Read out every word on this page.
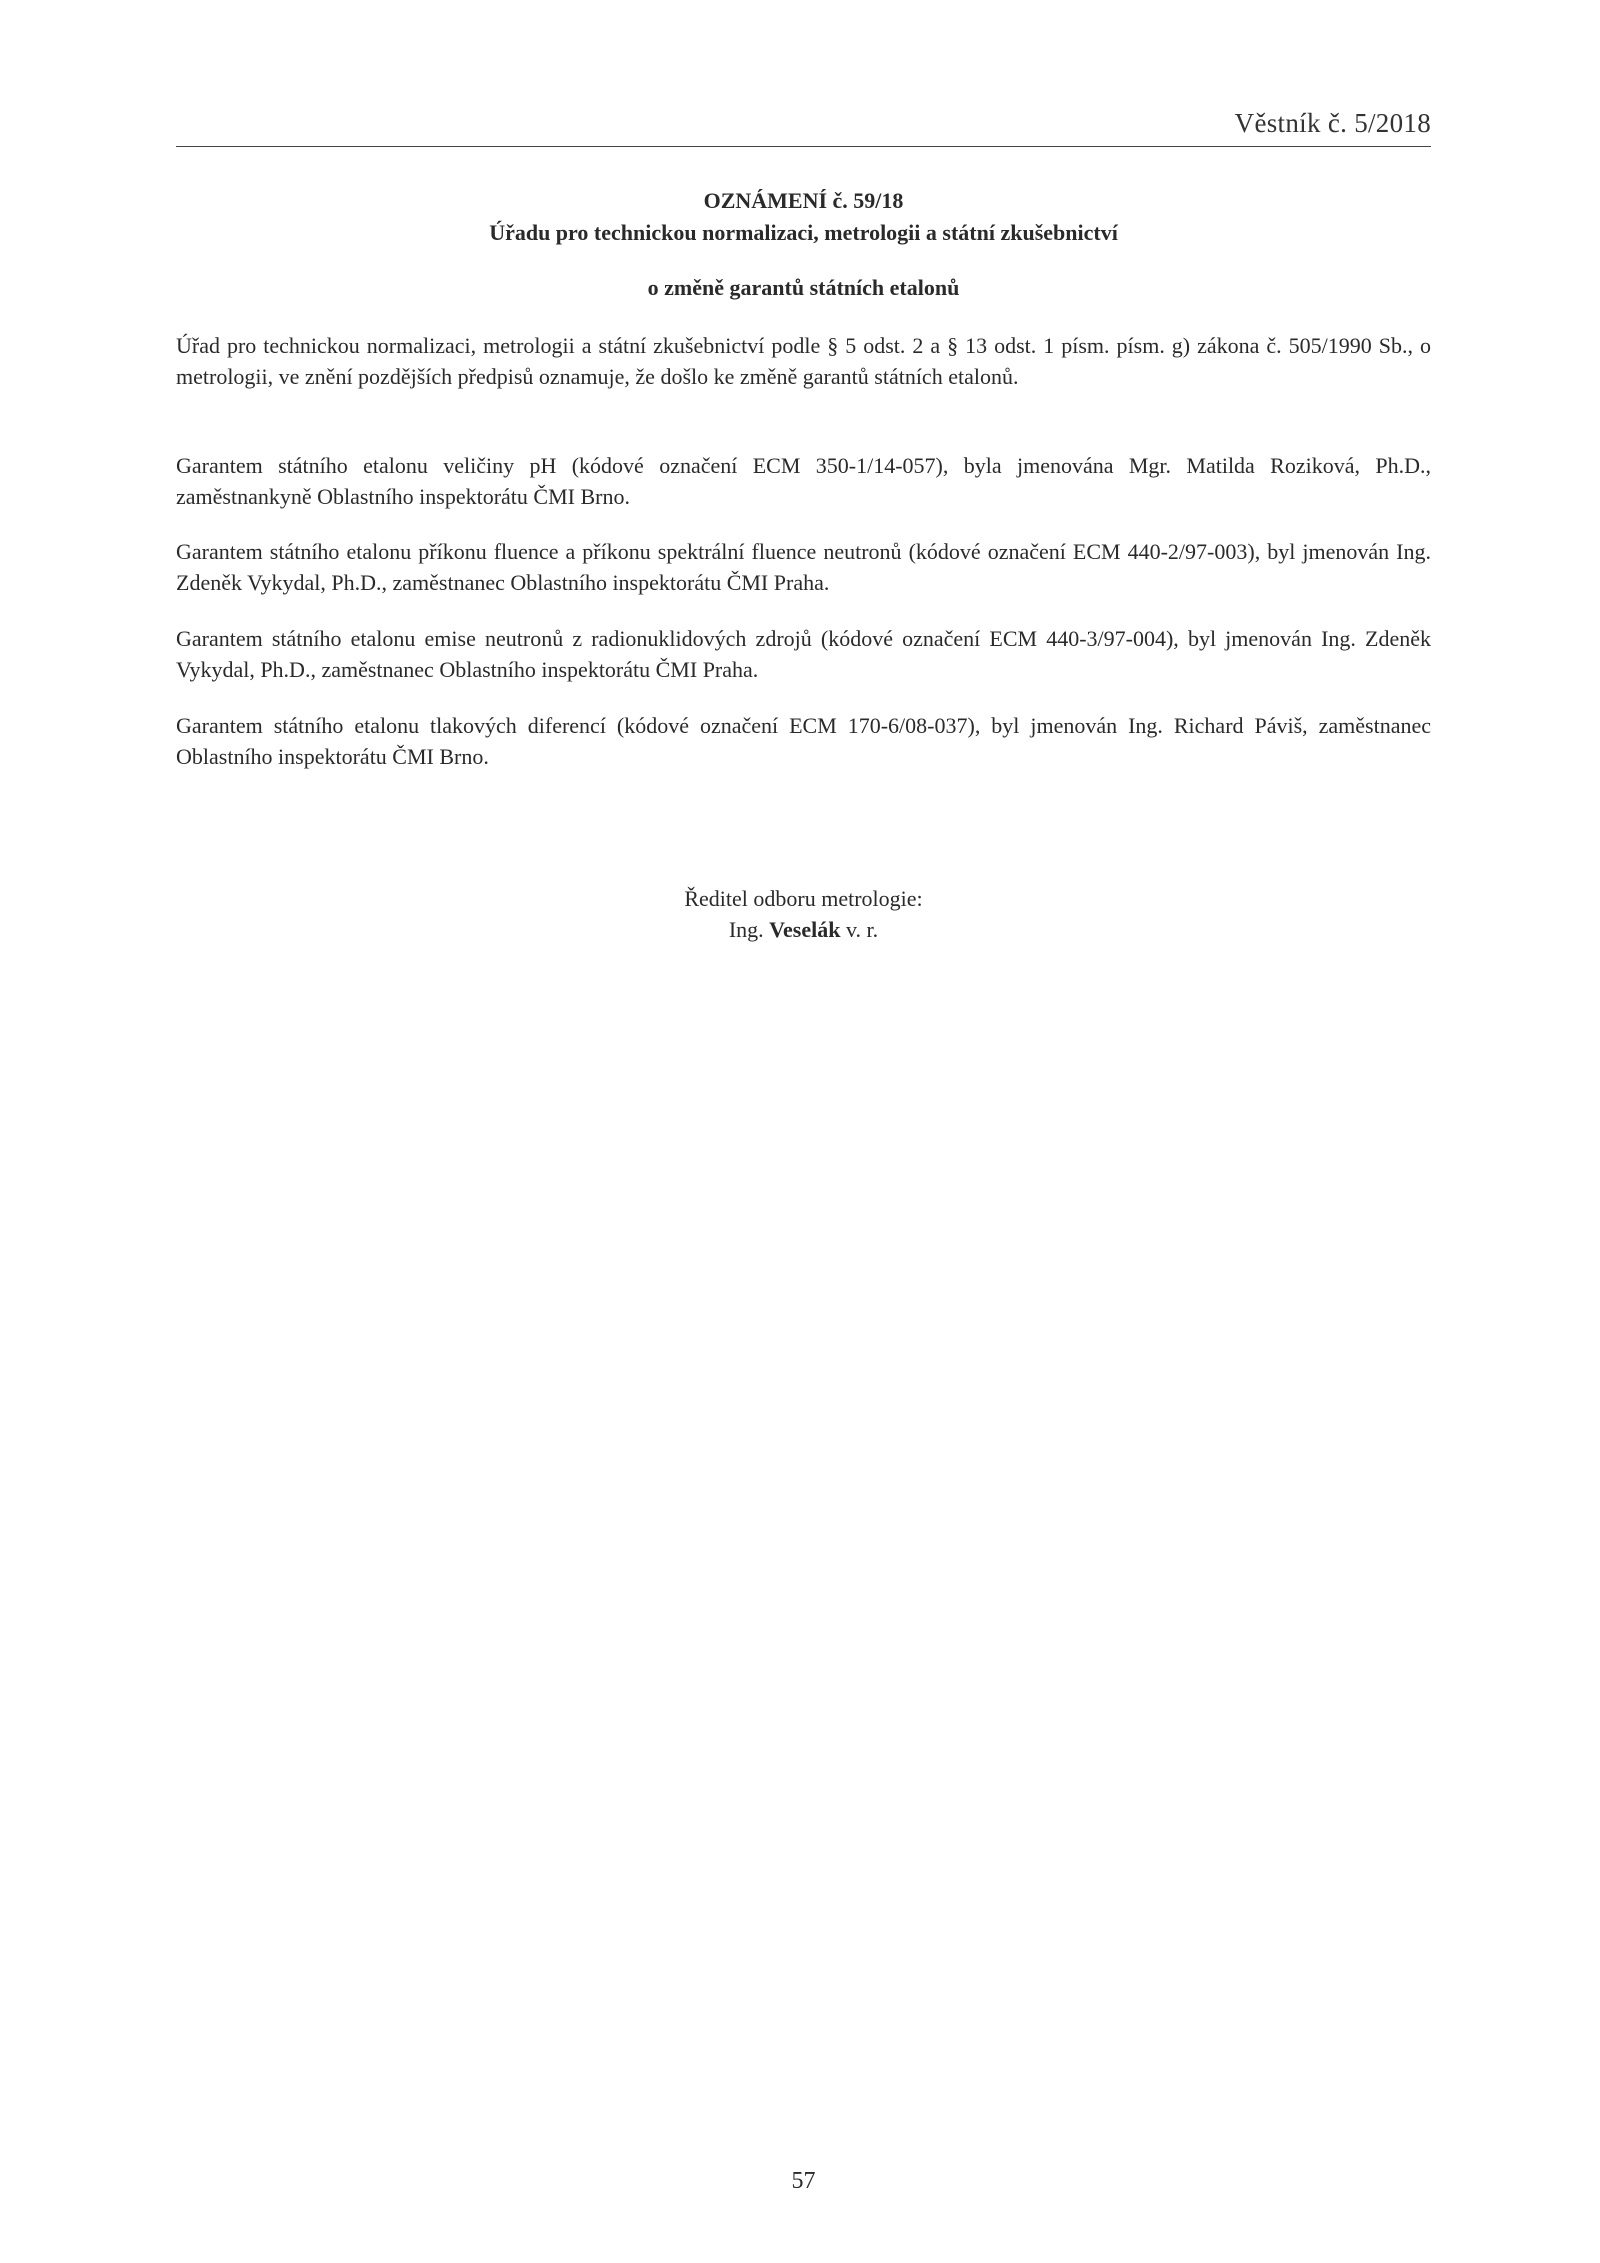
Věstník č. 5/2018
OZNÁMENÍ č. 59/18
Úřadu pro technickou normalizaci, metrologii a státní zkušebnictví
o změně garantů státních etalonů

Úřad pro technickou normalizaci, metrologii a státní zkušebnictví podle § 5 odst. 2 a § 13 odst. 1 písm. písm. g) zákona č. 505/1990 Sb., o metrologii, ve znění pozdějších předpisů oznamuje, že došlo ke změně garantů státních etalonů.

Garantem státního etalonu veličiny pH (kódové označení ECM 350-1/14-057), byla jmenována Mgr. Matilda Roziková, Ph.D., zaměstnankyně Oblastního inspektorátu ČMI Brno.

Garantem státního etalonu příkonu fluence a příkonu spektrální fluence neutronů (kódové označení ECM 440-2/97-003), byl jmenován Ing. Zdeněk Vykydal, Ph.D., zaměstnanec Oblastního inspektorátu ČMI Praha.

Garantem státního etalonu emise neutronů z radionuklidových zdrojů (kódové označení ECM 440-3/97-004), byl jmenován Ing. Zdeněk Vykydal, Ph.D., zaměstnanec Oblastního inspektorátu ČMI Praha.

Garantem státního etalonu tlakových diferencí (kódové označení ECM 170-6/08-037), byl jmenován Ing. Richard Páviš, zaměstnanec Oblastního inspektorátu ČMI Brno.

Ředitel odboru metrologie:
Ing. Veselák v. r.
57
